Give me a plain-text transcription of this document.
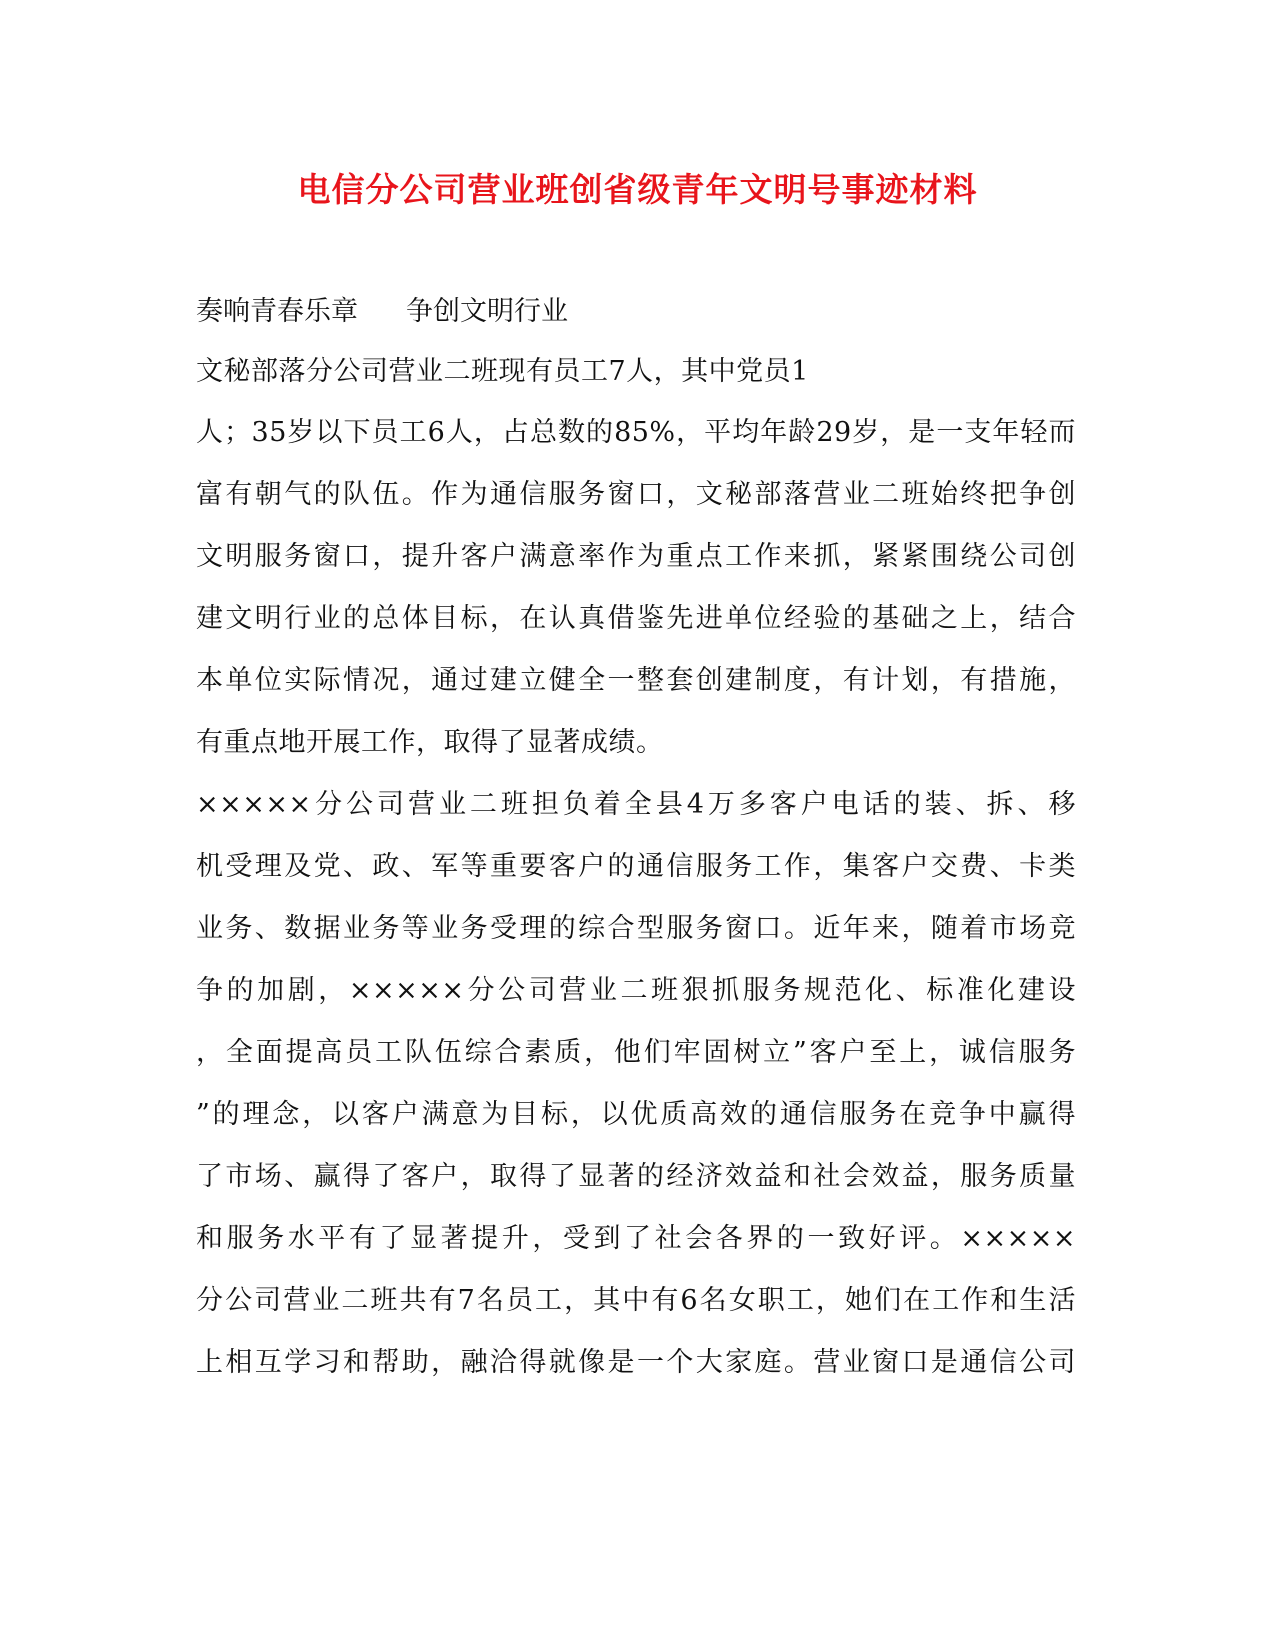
电信分公司营业班创省级青年文明号事迹材料
奏响青春乐章 争创文明行业
文秘部落分公司营业二班现有员工7人，其中党员1
人；35岁以下员工6人，占总数的85%，平均年龄29岁，是一支年轻而
富有朝气的队伍。作为通信服务窗口，文秘部落营业二班始终把争创
文明服务窗口，提升客户满意率作为重点工作来抓，紧紧围绕公司创
建文明行业的总体目标，在认真借鉴先进单位经验的基础之上，结合
本单位实际情况，通过建立健全一整套创建制度，有计划，有措施，
有重点地开展工作，取得了显著成绩。
×××××分公司营业二班担负着全县4万多客户电话的装、拆、移
机受理及党、政、军等重要客户的通信服务工作，集客户交费、卡类
业务、数据业务等业务受理的综合型服务窗口。近年来，随着市场竞
争的加剧，×××××分公司营业二班狠抓服务规范化、标准化建设
，全面提高员工队伍综合素质，他们牢固树立”客户至上，诚信服务
”的理念，以客户满意为目标，以优质高效的通信服务在竞争中赢得
了市场、赢得了客户，取得了显著的经济效益和社会效益，服务质量
和服务水平有了显著提升，受到了社会各界的一致好评。×××××
分公司营业二班共有7名员工，其中有6名女职工，她们在工作和生活
上相互学习和帮助，融洽得就像是一个大家庭。营业窗口是通信公司
